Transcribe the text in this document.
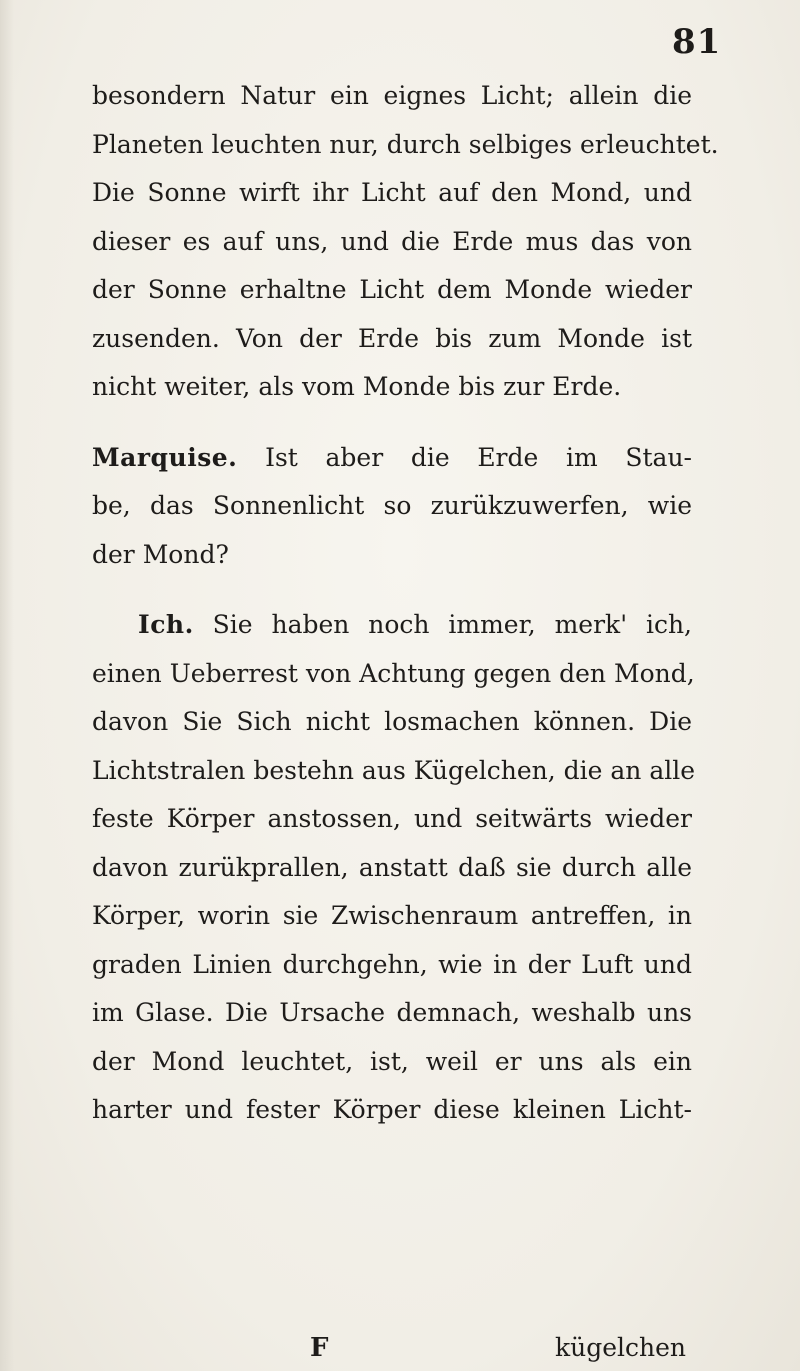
81

besondern Natur ein eignes Licht; allein die
Planeten leuchten nur, durch selbiges erleuchtet.
Die Sonne wirft ihr Licht auf den Mond, und
dieser es auf uns, und die Erde mus das von
der Sonne erhaltne Licht dem Monde wieder
zusenden. Von der Erde bis zum Monde ist
nicht weiter, als vom Monde bis zur Erde.
Marquise. Ist aber die Erde im Stau-
be, das Sonnenlicht so zurükzuwerfen, wie
der Mond?
Ich. Sie haben noch immer, merk' ich,
einen Ueberrest von Achtung gegen den Mond,
davon Sie Sich nicht losmachen können. Die
Lichtstralen bestehn aus Kügelchen, die an alle
feste Körper anstossen, und seitwärts wieder
davon zurükprallen, anstatt daß sie durch alle
Körper, worin sie Zwischenraum antreffen, in
graden Linien durchgehn, wie in der Luft und
im Glase. Die Ursache demnach, weshalb uns
der Mond leuchtet, ist, weil er uns als ein
harter und fester Körper diese kleinen Licht-
F	kügelchen
